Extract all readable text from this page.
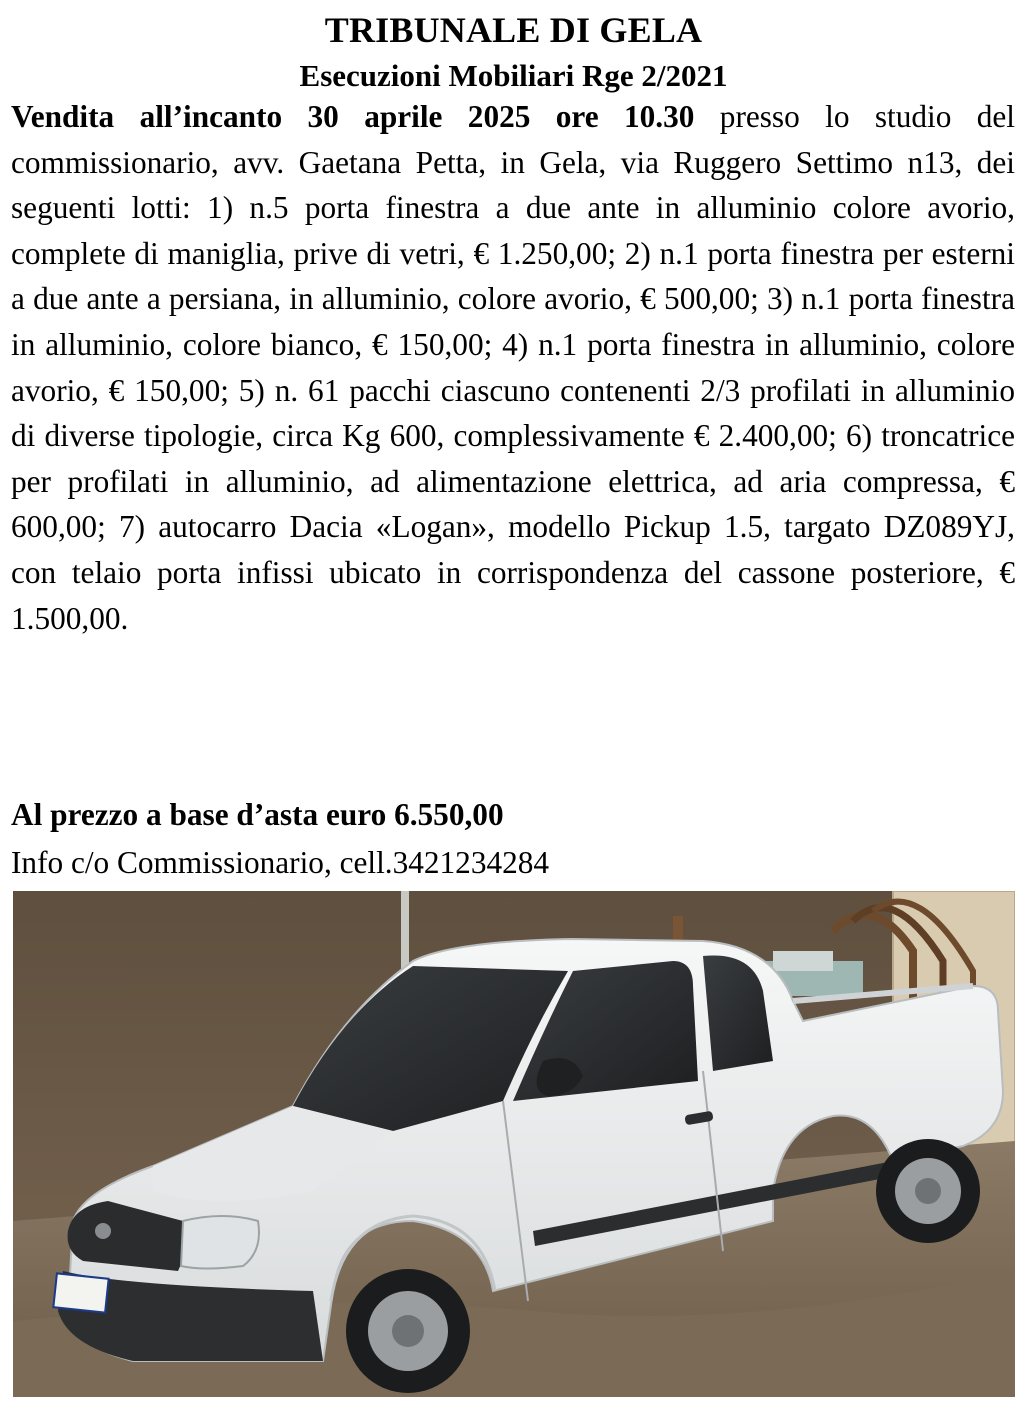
TRIBUNALE DI GELA
Esecuzioni Mobiliari Rge 2/2021

Vendita all’incanto 30 aprile 2025 ore 10.30 presso lo studio del commissionario, avv. Gaetana Petta, in Gela, via Ruggero Settimo n13, dei seguenti lotti: 1) n.5 porta finestra a due ante in alluminio colore avorio, complete di maniglia, prive di vetri, € 1.250,00; 2) n.1 porta finestra per esterni a due ante a persiana, in alluminio, colore avorio, € 500,00; 3) n.1 porta finestra in alluminio, colore bianco, € 150,00; 4) n.1 porta finestra in alluminio, colore avorio, € 150,00; 5) n. 61 pacchi ciascuno contenenti 2/3 profilati in alluminio di diverse tipologie, circa Kg 600, complessivamente € 2.400,00; 6) troncatrice per profilati in alluminio, ad alimentazione elettrica, ad aria compressa, € 600,00; 7) autocarro Dacia «Logan», modello Pickup 1.5, targato DZ089YJ, con telaio porta infissi ubicato in corrispondenza del cassone posteriore, € 1.500,00.

Al prezzo a base d’asta euro 6.550,00
Info c/o Commissionario, cell.3421234284
